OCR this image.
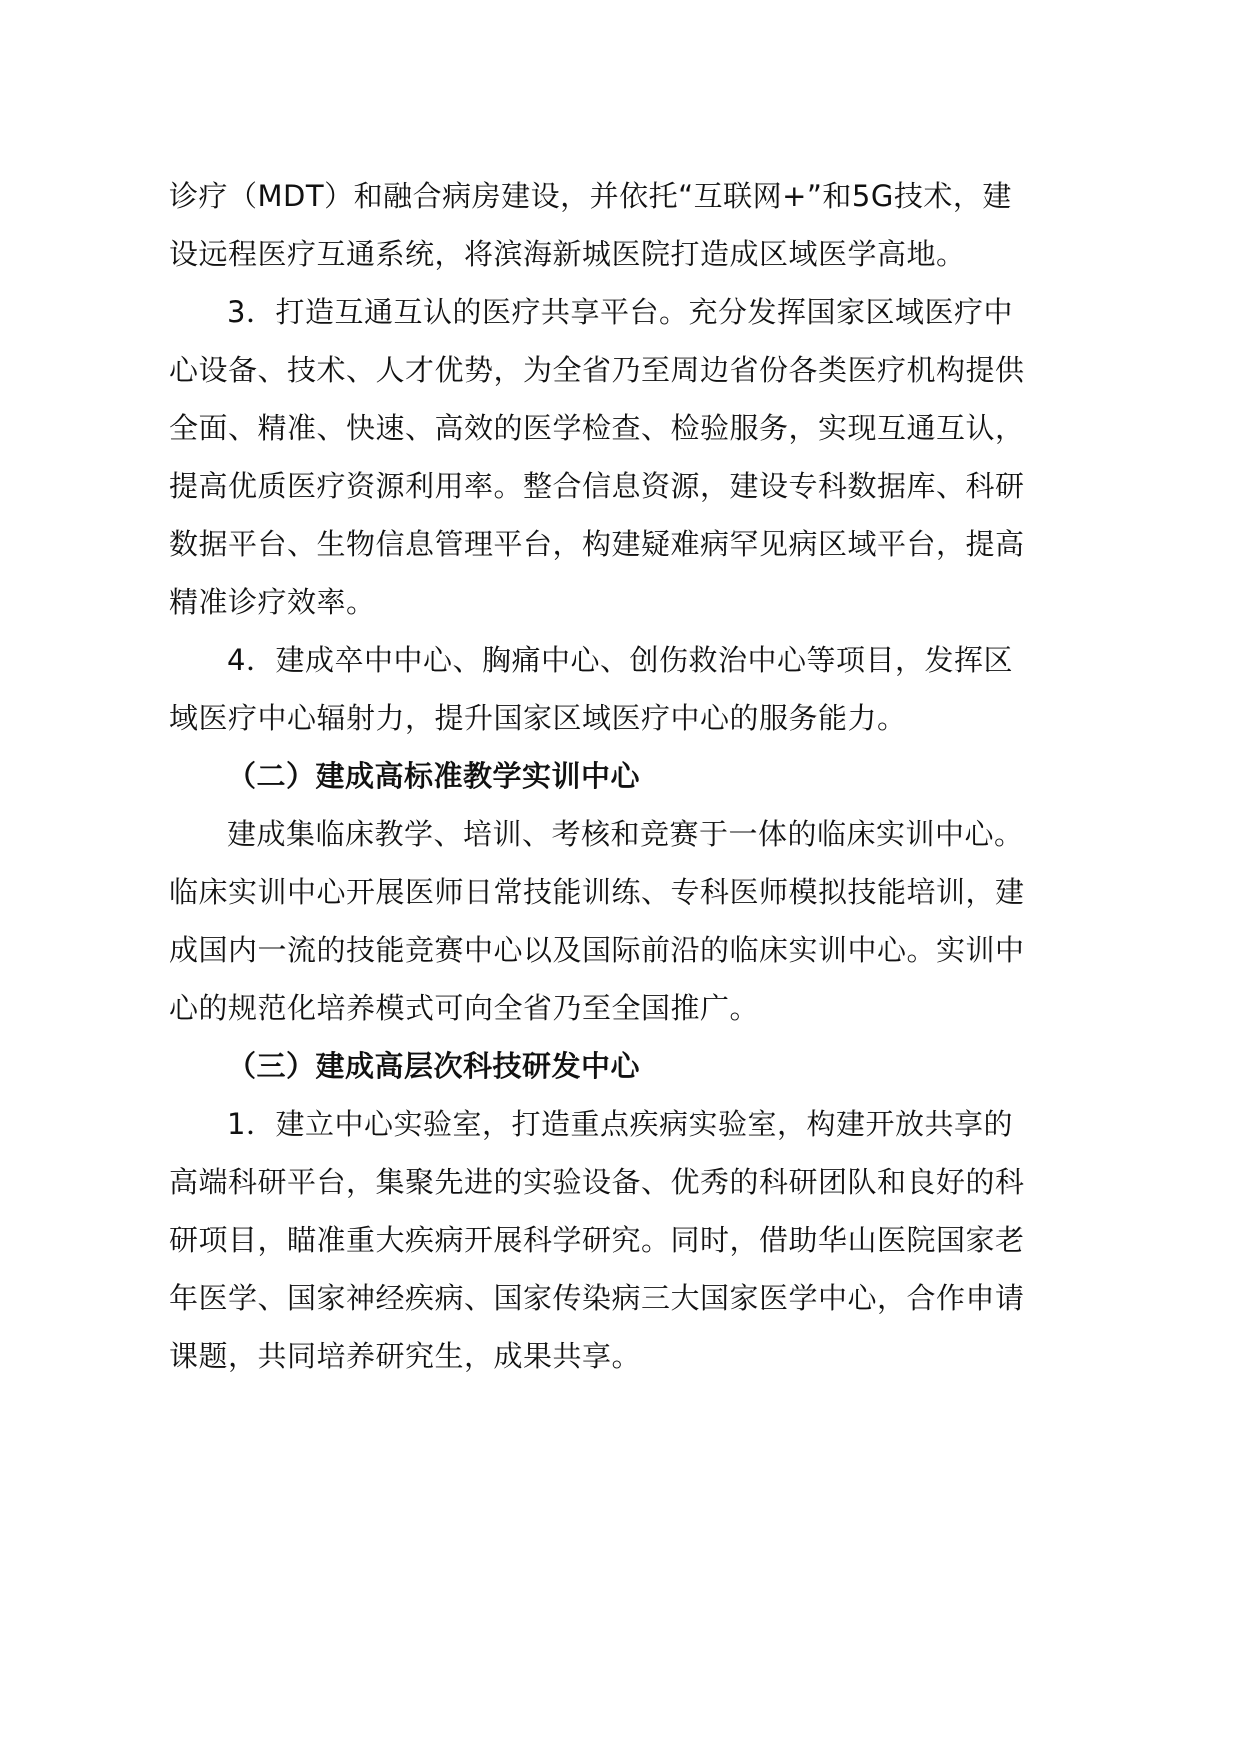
诊疗（MDT）和融合病房建设，并依托“互联网+”和5G技术，建
设远程医疗互通系统，将滨海新城医院打造成区域医学高地。
3．打造互通互认的医疗共享平台。充分发挥国家区域医疗中
心设备、技术、人才优势，为全省乃至周边省份各类医疗机构提供
全面、精准、快速、高效的医学检查、检验服务，实现互通互认，
提高优质医疗资源利用率。整合信息资源，建设专科数据库、科研
数据平台、生物信息管理平台，构建疑难病罕见病区域平台，提高
精准诊疗效率。
4．建成卒中中心、胸痛中心、创伤救治中心等项目，发挥区
域医疗中心辐射力，提升国家区域医疗中心的服务能力。
（二）建成高标准教学实训中心
建成集临床教学、培训、考核和竞赛于一体的临床实训中心。
临床实训中心开展医师日常技能训练、专科医师模拟技能培训，建
成国内一流的技能竞赛中心以及国际前沿的临床实训中心。实训中
心的规范化培养模式可向全省乃至全国推广。
（三）建成高层次科技研发中心
1．建立中心实验室，打造重点疾病实验室，构建开放共享的
高端科研平台，集聚先进的实验设备、优秀的科研团队和良好的科
研项目，瞄准重大疾病开展科学研究。同时，借助华山医院国家老
年医学、国家神经疾病、国家传染病三大国家医学中心，合作申请
课题，共同培养研究生，成果共享。
